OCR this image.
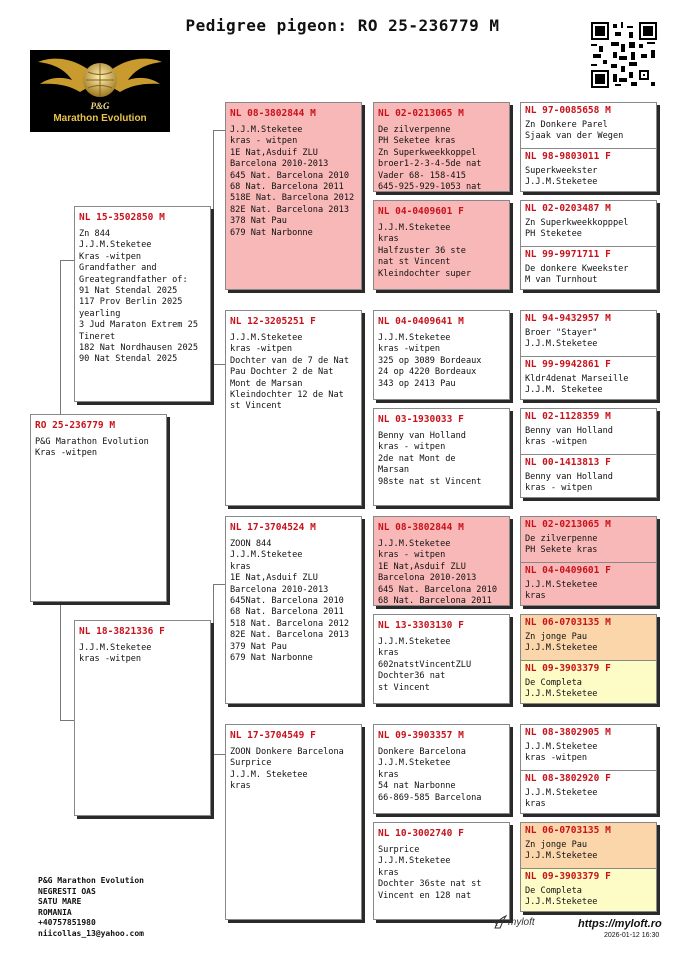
Pedigree pigeon: RO 25-236779 M
P&G
Marathon Evolution
RO 25-236779 M
P&G Marathon Evolution
Kras -witpen
NL 15-3502850 M
Zn 844
J.J.M.Steketee
Kras -witpen
Grandfather and
Greategrandfather of:
91 Nat Stendal 2025
117 Prov Berlin 2025
yearling
3 Jud Maraton Extrem 25
Tineret
182 Nat Nordhausen 2025
90 Nat Stendal 2025
NL 18-3821336 F
J.J.M.Steketee
kras -witpen
NL 08-3802844 M
J.J.M.Steketee
kras - witpen
1E Nat,Asduif ZLU
Barcelona 2010-2013
645 Nat. Barcelona 2010
68 Nat. Barcelona 2011
518E Nat. Barcelona 2012
82E Nat. Barcelona 2013
378 Nat Pau
679 Nat Narbonne
NL 12-3205251 F
J.J.M.Steketee
kras -witpen
Dochter van de 7 de Nat
Pau Dochter 2 de Nat
Mont de Marsan
Kleindochter 12 de Nat
st Vincent
NL 17-3704524 M
ZOON 844
J.J.M.Steketee
kras
1E Nat,Asduif ZLU
Barcelona 2010-2013
645Nat. Barcelona 2010
68 Nat. Barcelona 2011
518 Nat. Barcelona 2012
82E Nat. Barcelona 2013
379 Nat Pau
679 Nat Narbonne
NL 17-3704549 F
ZOON Donkere Barcelona
Surprice
J.J.M. Steketee
kras
NL 02-0213065 M
De zilverpenne
PH Seketee kras
Zn Superkweekkoppel
broer1-2-3-4-5de nat
Vader 68- 158-415
645-925-929-1053 nat
NL 04-0409601 F
J.J.M.Steketee
kras
Halfzuster 36 ste
nat st Vincent
Kleindochter super
NL 04-0409641 M
J.J.M.Steketee
kras -witpen
325 op 3089 Bordeaux
24 op 4220 Bordeaux
343 op 2413 Pau
NL 03-1930033 F
Benny van Holland
kras - witpen
2de nat Mont de
Marsan
98ste nat st Vincent
NL 08-3802844 M
J.J.M.Steketee
kras - witpen
1E Nat,Asduif ZLU
Barcelona 2010-2013
645 Nat. Barcelona 2010
68 Nat. Barcelona 2011
NL 13-3303130 F
J.J.M.Steketee
kras
602natstVincentZLU
Dochter36 nat
st Vincent
NL 09-3903357 M
Donkere Barcelona
J.J.M.Steketee
kras
54 nat Narbonne
66-869-585 Barcelona
NL 10-3002740 F
Surprice
J.J.M.Steketee
kras
Dochter 36ste nat st
Vincent en 128 nat
NL 97-0085658 M
Zn Donkere Parel
Sjaak van der Wegen
NL 98-9803011 F
Superkweekster
J.J.M.Steketee
NL 02-0203487 M
Zn Superkweekkopppel
PH Steketee
NL 99-9971711 F
De donkere Kweekster
M van Turnhout
NL 94-9432957 M
Broer "Stayer"
J.J.M.Steketee
NL 99-9942861 F
Kldr4denat Marseille
J.J.M. Steketee
NL 02-1128359 M
Benny van Holland
kras -witpen
NL 00-1413813 F
Benny van Holland
kras - witpen
NL 02-0213065 M
De zilverpenne
PH Sekete kras
NL 04-0409601 F
J.J.M.Steketee
kras
NL 06-0703135 M
Zn jonge Pau
J.J.M.Steketee
NL 09-3903379 F
De Completa
J.J.M.Steketee
NL 08-3802905 M
J.J.M.Steketee
kras -witpen
NL 08-3802920 F
J.J.M.Steketee
kras
NL 06-0703135 M
Zn jonge Pau
J.J.M.Steketee
NL 09-3903379 F
De Completa
J.J.M.Steketee
P&G Marathon Evolution
NEGRESTI OAS
SATU MARE
ROMANIA
+40757851980
niicollas_13@yahoo.com
myloft	https://myloft.ro
2026-01-12 16:30
